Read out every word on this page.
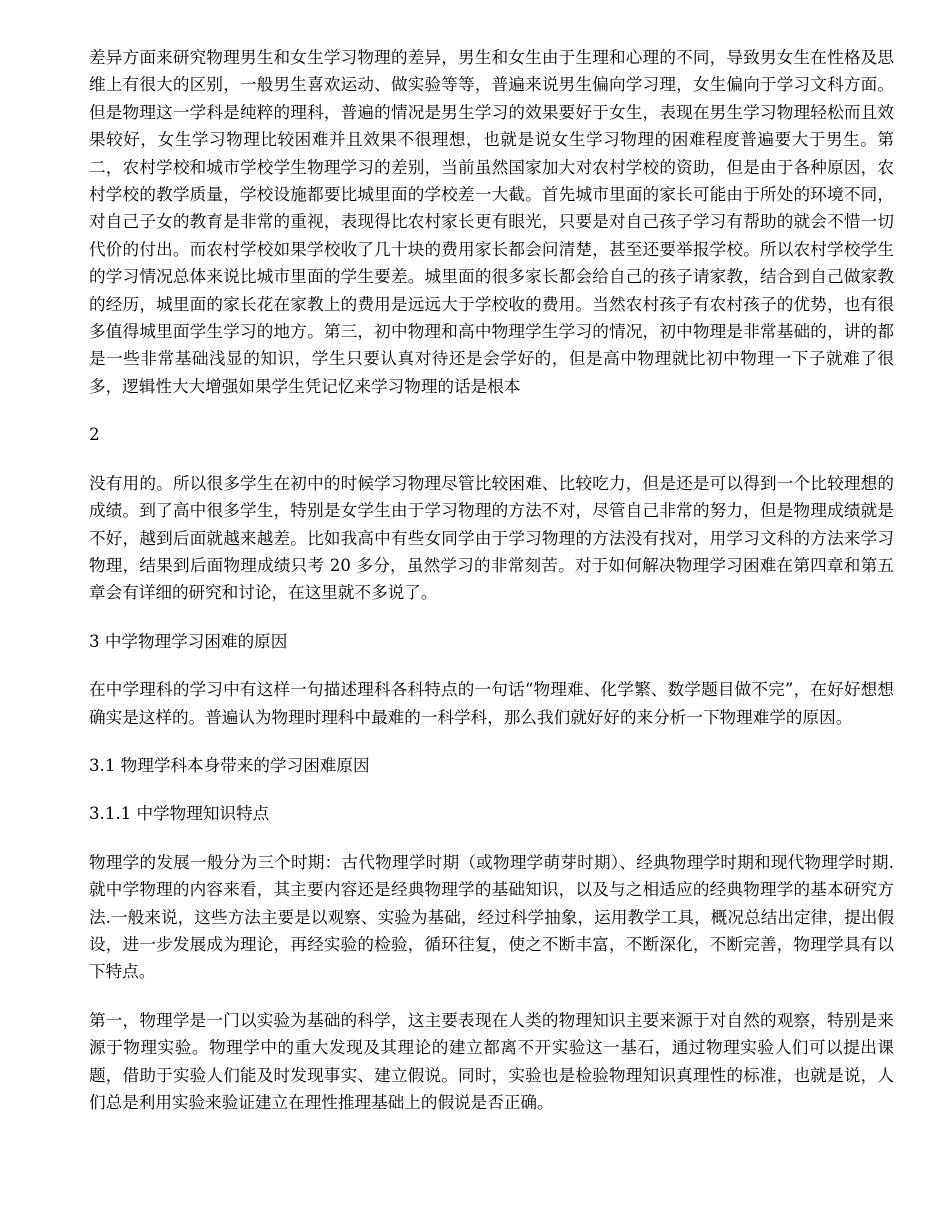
差异方面来研究物理男生和女生学习物理的差异，男生和女生由于生理和心理的不同，导致男女生在性格及思维上有很大的区别，一般男生喜欢运动、做实验等等，普遍来说男生偏向学习理，女生偏向于学习文科方面。但是物理这一学科是纯粹的理科，普遍的情况是男生学习的效果要好于女生，表现在男生学习物理轻松而且效果较好，女生学习物理比较困难并且效果不很理想，也就是说女生学习物理的困难程度普遍要大于男生。第二，农村学校和城市学校学生物理学习的差别，当前虽然国家加大对农村学校的资助，但是由于各种原因，农村学校的教学质量，学校设施都要比城里面的学校差一大截。首先城市里面的家长可能由于所处的环境不同，对自己子女的教育是非常的重视，表现得比农村家长更有眼光，只要是对自己孩子学习有帮助的就会不惜一切代价的付出。而农村学校如果学校收了几十块的费用家长都会问清楚，甚至还要举报学校。所以农村学校学生的学习情况总体来说比城市里面的学生要差。城里面的很多家长都会给自己的孩子请家教，结合到自己做家教的经历，城里面的家长花在家教上的费用是远远大于学校收的费用。当然农村孩子有农村孩子的优势，也有很多值得城里面学生学习的地方。第三，初中物理和高中物理学生学习的情况，初中物理是非常基础的，讲的都是一些非常基础浅显的知识，学生只要认真对待还是会学好的，但是高中物理就比初中物理一下子就难了很多，逻辑性大大增强如果学生凭记忆来学习物理的话是根本

2

没有用的。所以很多学生在初中的时候学习物理尽管比较困难、比较吃力，但是还是可以得到一个比较理想的成绩。到了高中很多学生，特别是女学生由于学习物理的方法不对，尽管自己非常的努力，但是物理成绩就是不好，越到后面就越来越差。比如我高中有些女同学由于学习物理的方法没有找对，用学习文科的方法来学习物理，结果到后面物理成绩只考 20 多分，虽然学习的非常刻苦。对于如何解决物理学习困难在第四章和第五章会有详细的研究和讨论，在这里就不多说了。

3 中学物理学习困难的原因

在中学理科的学习中有这样一句描述理科各科特点的一句话“物理难、化学繁、数学题目做不完”，在好好想想确实是这样的。普遍认为物理时理科中最难的一科学科，那么我们就好好的来分析一下物理难学的原因。

3.1 物理学科本身带来的学习困难原因

3.1.1 中学物理知识特点

物理学的发展一般分为三个时期：古代物理学时期（或物理学萌芽时期）、经典物理学时期和现代物理学时期.就中学物理的内容来看，其主要内容还是经典物理学的基础知识，以及与之相适应的经典物理学的基本研究方法.一般来说，这些方法主要是以观察、实验为基础，经过科学抽象，运用教学工具，概况总结出定律，提出假设，进一步发展成为理论，再经实验的检验，循环往复，使之不断丰富，不断深化，不断完善，物理学具有以下特点。

第一，物理学是一门以实验为基础的科学，这主要表现在人类的物理知识主要来源于对自然的观察，特别是来源于物理实验。物理学中的重大发现及其理论的建立都离不开实验这一基石，通过物理实验人们可以提出课题，借助于实验人们能及时发现事实、建立假说。同时，实验也是检验物理知识真理性的标准，也就是说，人们总是利用实验来验证建立在理性推理基础上的假说是否正确。
